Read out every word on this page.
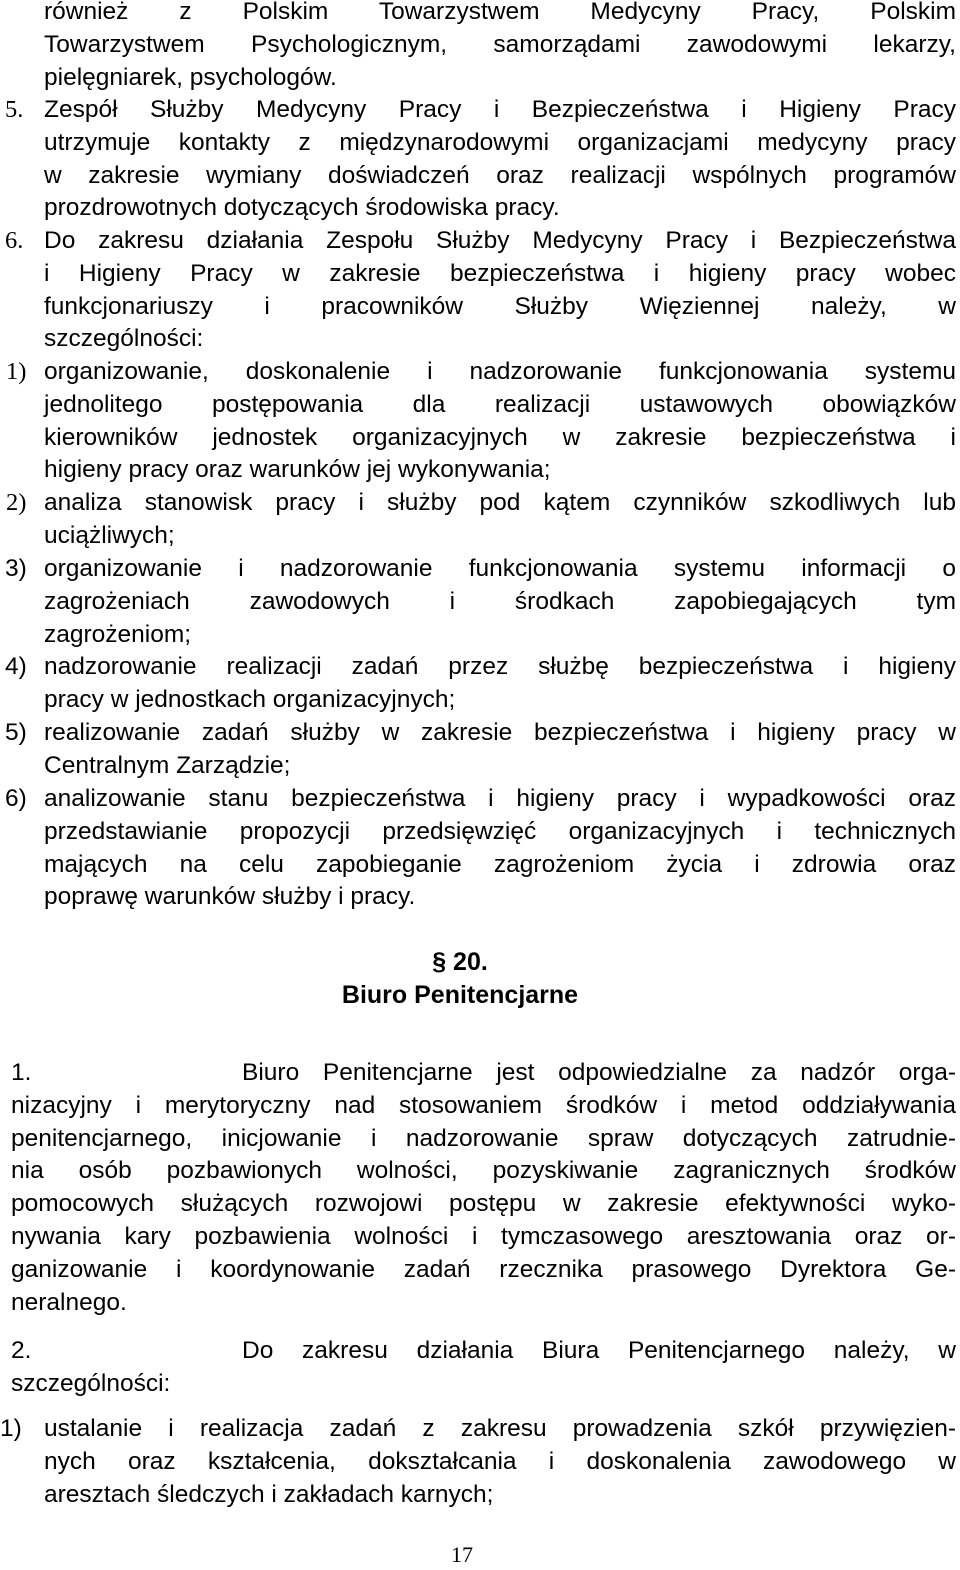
również z Polskim Towarzystwem Medycyny Pracy, Polskim
Towarzystwem Psychologicznym, samorządami zawodowymi lekarzy,
pielęgniarek, psychologów.
5. Zespół Służby Medycyny Pracy i Bezpieczeństwa i Higieny Pracy
utrzymuje kontakty z międzynarodowymi organizacjami medycyny pracy
w zakresie wymiany doświadczeń oraz realizacji wspólnych programów
prozdrowotnych dotyczących środowiska pracy.
6. Do zakresu działania Zespołu Służby Medycyny Pracy i Bezpieczeństwa
i Higieny Pracy w zakresie bezpieczeństwa i higieny pracy wobec
funkcjonariuszy i pracowników Służby Więziennej należy, w
szczególności:
1) organizowanie, doskonalenie i nadzorowanie funkcjonowania systemu
jednolitego postępowania dla realizacji ustawowych obowiązków
kierowników jednostek organizacyjnych w zakresie bezpieczeństwa i
higieny pracy oraz warunków jej wykonywania;
2) analiza stanowisk pracy i służby pod kątem czynników szkodliwych lub
uciążliwych;
3) organizowanie i nadzorowanie funkcjonowania systemu informacji o
zagrożeniach zawodowych i środkach zapobiegających tym
zagrożeniom;
4) nadzorowanie realizacji zadań przez służbę bezpieczeństwa i higieny
pracy w jednostkach organizacyjnych;
5) realizowanie zadań służby w zakresie bezpieczeństwa i higieny pracy w
Centralnym Zarządzie;
6) analizowanie stanu bezpieczeństwa i higieny pracy i wypadkowości oraz
przedstawianie propozycji przedsięwzięć organizacyjnych i technicznych
mających na celu zapobieganie zagrożeniom życia i zdrowia oraz
poprawę warunków służby i pracy.
§ 20.
Biuro Penitencjarne
1.	Biuro Penitencjarne jest odpowiedzialne za nadzór orga-
nizacyjny i merytoryczny nad stosowaniem środków i metod oddziaływania
penitencjarnego, inicjowanie i nadzorowanie spraw dotyczących zatrudnie-
nia osób pozbawionych wolności, pozyskiwanie zagranicznych środków
pomocowych służących rozwojowi postępu w zakresie efektywności wyko-
nywania kary pozbawienia wolności i tymczasowego aresztowania oraz or-
ganizowanie i koordynowanie zadań rzecznika prasowego Dyrektora Ge-
neralnego.
2.	Do zakresu działania Biura Penitencjarnego należy, w
szczególności:
1) ustalanie i realizacja zadań z zakresu prowadzenia szkół przywięzien-
nych oraz kształcenia, dokształcania i doskonalenia zawodowego w
aresztach śledczych i zakładach karnych;
17
